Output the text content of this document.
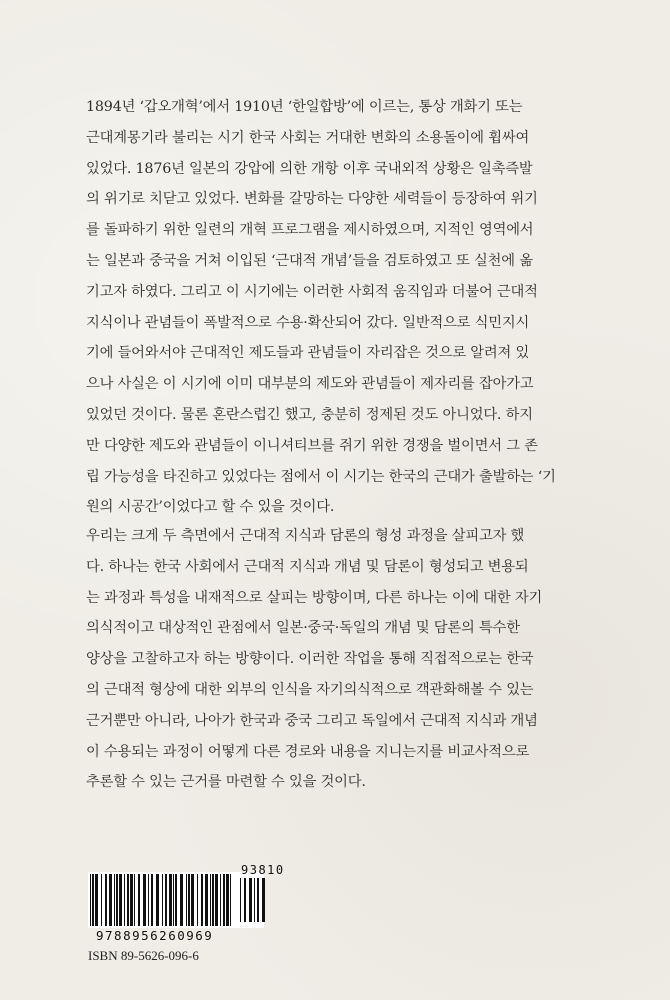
1894년 ‘갑오개혁’에서 1910년 ‘한일합방’에 이르는, 통상 개화기 또는
근대계몽기라 불리는 시기 한국 사회는 거대한 변화의 소용돌이에 휩싸여
있었다. 1876년 일본의 강압에 의한 개항 이후 국내외적 상황은 일촉즉발
의 위기로 치닫고 있었다. 변화를 갈망하는 다양한 세력들이 등장하여 위기
를 돌파하기 위한 일련의 개혁 프로그램을 제시하였으며, 지적인 영역에서
는 일본과 중국을 거쳐 이입된 ‘근대적 개념’들을 검토하였고 또 실천에 옮
기고자 하였다. 그리고 이 시기에는 이러한 사회적 움직임과 더불어 근대적
지식이나 관념들이 폭발적으로 수용·확산되어 갔다. 일반적으로 식민지시
기에 들어와서야 근대적인 제도들과 관념들이 자리잡은 것으로 알려져 있
으나 사실은 이 시기에 이미 대부분의 제도와 관념들이 제자리를 잡아가고
있었던 것이다. 물론 혼란스럽긴 했고, 충분히 정제된 것도 아니었다. 하지
만 다양한 제도와 관념들이 이니셔티브를 쥐기 위한 경쟁을 벌이면서 그 존
립 가능성을 타진하고 있었다는 점에서 이 시기는 한국의 근대가 출발하는 ‘기
원의 시공간’이었다고 할 수 있을 것이다.
우리는 크게 두 측면에서 근대적 지식과 담론의 형성 과정을 살피고자 했
다. 하나는 한국 사회에서 근대적 지식과 개념 및 담론이 형성되고 변용되
는 과정과 특성을 내재적으로 살피는 방향이며, 다른 하나는 이에 대한 자기
의식적이고 대상적인 관점에서 일본·중국·독일의 개념 및 담론의 특수한
양상을 고찰하고자 하는 방향이다. 이러한 작업을 통해 직접적으로는 한국
의 근대적 형상에 대한 외부의 인식을 자기의식적으로 객관화해볼 수 있는
근거뿐만 아니라, 나아가 한국과 중국 그리고 독일에서 근대적 지식과 개념
이 수용되는 과정이 어떻게 다른 경로와 내용을 지니는지를 비교사적으로
추론할 수 있는 근거를 마련할 수 있을 것이다.
93810
9788956260969
ISBN 89-5626-096-6
